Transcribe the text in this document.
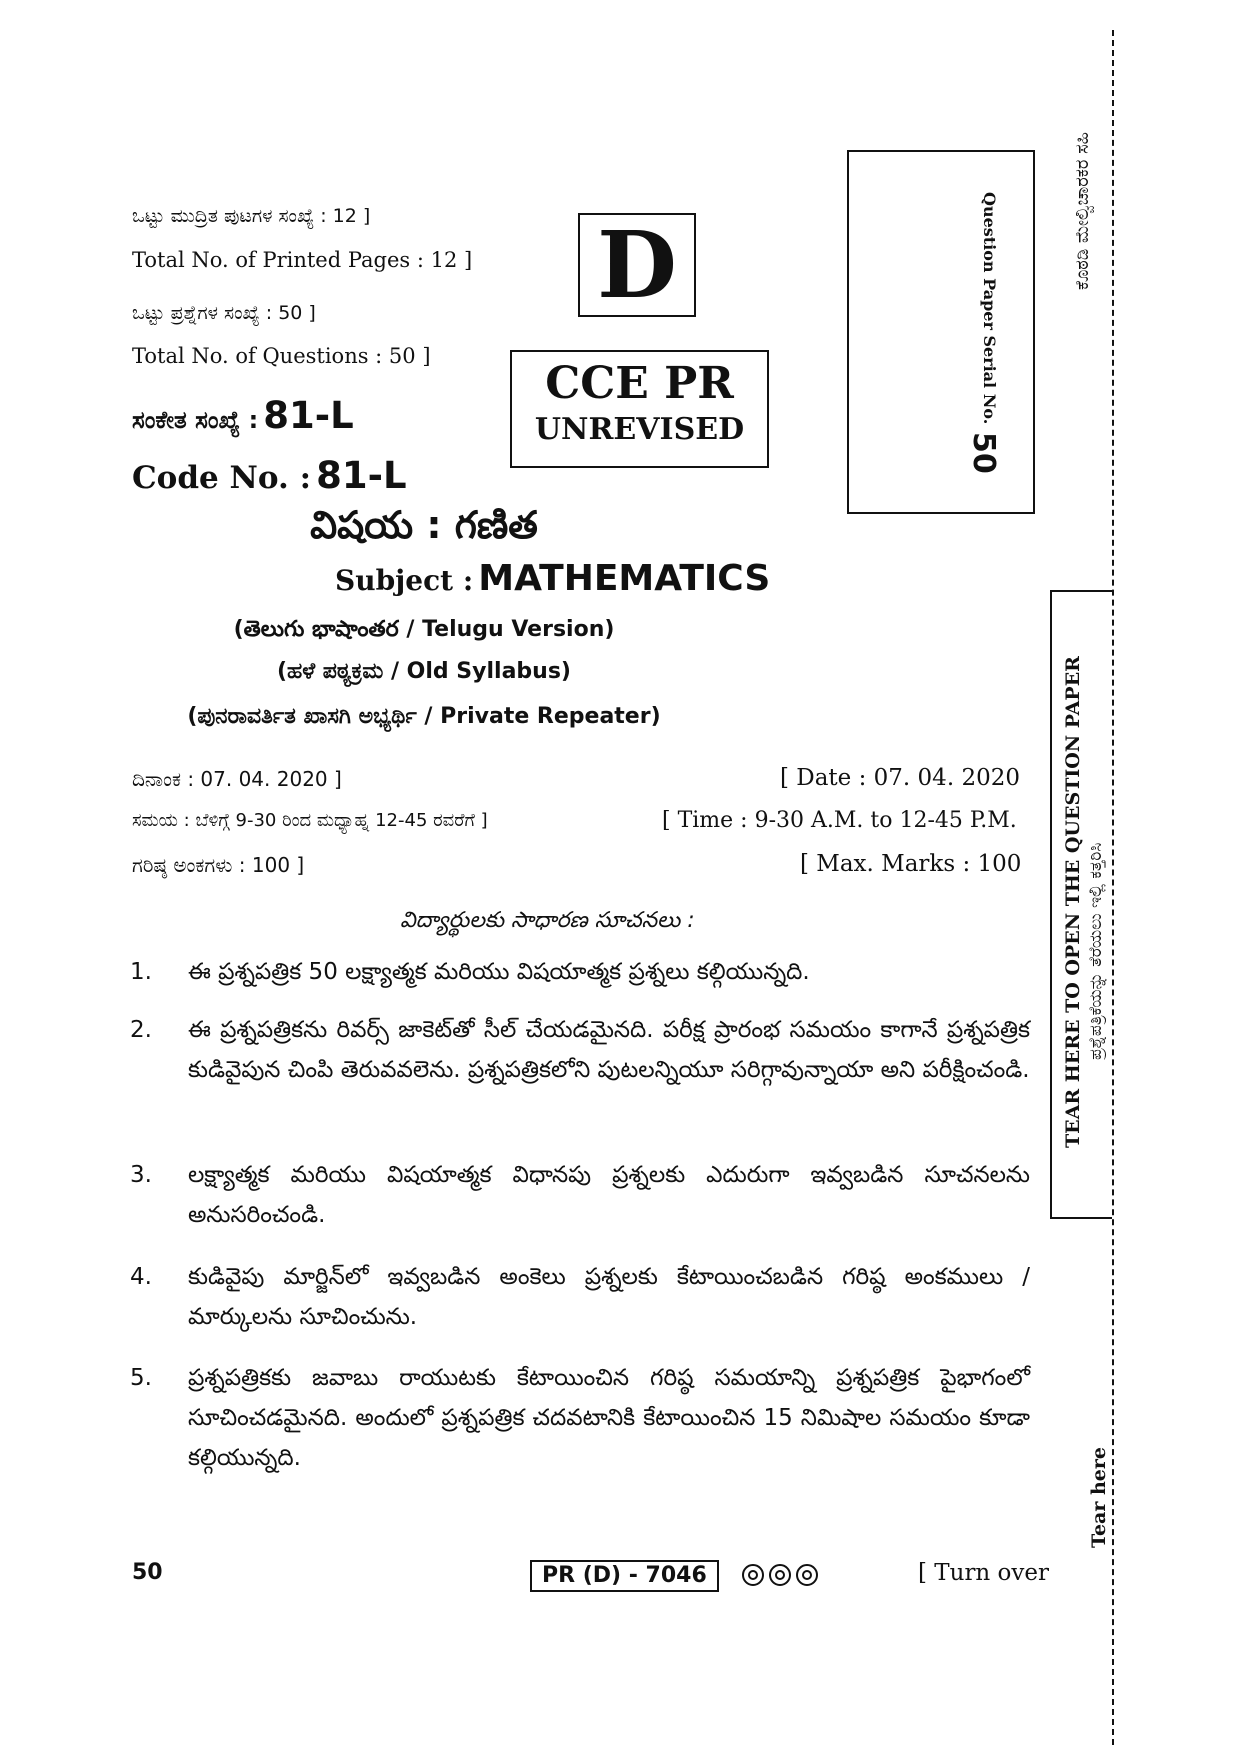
ಒಟ್ಟು ಮುದ್ರಿತ ಪುಟಗಳ ಸಂಖ್ಯೆ : 12 ]
Total No. of Printed Pages : 12 ]
ಒಟ್ಟು ಪ್ರಶ್ನೆಗಳ ಸಂಖ್ಯೆ : 50 ]
Total No. of Questions : 50 ]
ಸಂಕೇತ ಸಂಖ್ಯೆ : 81-L
Code No. : 81-L
D
CCE PR
UNREVISED
Question Paper Serial No.
50
ಕೊಠಡಿ ಮೇಲ್ವಿಚಾರಕರ ಸಹಿ
విషయ : గణిత
Subject : MATHEMATICS
(తెలుగు భాషాంతర / Telugu Version)
(ಹಳೆ ಪಠ್ಯಕ್ರಮ / Old Syllabus)
(ಪುನರಾವರ್ತಿತ ಖಾಸಗಿ ಅಭ್ಯರ್ಥಿ / Private Repeater)
ದಿನಾಂಕ : 07. 04. 2020 ]	[ Date : 07. 04. 2020
ಸಮಯ : ಬೆಳಿಗ್ಗೆ 9-30 ರಿಂದ ಮಧ್ಯಾಹ್ನ 12-45 ರವರೆಗೆ ]	[ Time : 9-30 A.M. to 12-45 P.M.
ಗರಿಷ್ಠ ಅಂಕಗಳು : 100 ]	[ Max. Marks : 100
విద్యార్థులకు సాధారణ సూచనలు :
1. ఈ ప్రశ్నపత్రిక 50 లక్ష్యాత్మక మరియు విషయాత్మక ప్రశ్నలు కల్గియున్నది.
2. ఈ ప్రశ్నపత్రికను రివర్స్ జాకెట్‌తో సీల్ చేయడమైనది. పరీక్ష ప్రారంభ సమయం కాగానే ప్రశ్నపత్రిక కుడివైపున చింపి తెరువవలెను. ప్రశ్నపత్రికలోని పుటలన్నియూ సరిగ్గావున్నాయా అని పరీక్షించండి.
3. లక్ష్యాత్మక మరియు విషయాత్మక విధానపు ప్రశ్నలకు ఎదురుగా ఇవ్వబడిన సూచనలను అనుసరించండి.
4. కుడివైపు మార్జిన్‌లో ఇవ్వబడిన అంకెలు ప్రశ్నలకు కేటాయించబడిన గరిష్ఠ అంకములు / మార్కులను సూచించును.
5. ప్రశ్నపత్రికకు జవాబు రాయుటకు కేటాయించిన గరిష్ఠ సమయాన్ని ప్రశ్నపత్రిక పైభాగంలో సూచించడమైనది. అందులో ప్రశ్నపత్రిక చదవటానికి కేటాయించిన 15 నిమిషాల సమయం కూడా కల్గియున్నది.
TEAR HERE TO OPEN THE QUESTION PAPER ಪ್ರಶ್ನೆಪತ್ರಿಕೆಯನ್ನು ತೆರೆಯಲು ಇಲ್ಲಿ ಕತ್ತರಿಸಿ
Tear here
50	PR (D) - 7046	[ Turn over
